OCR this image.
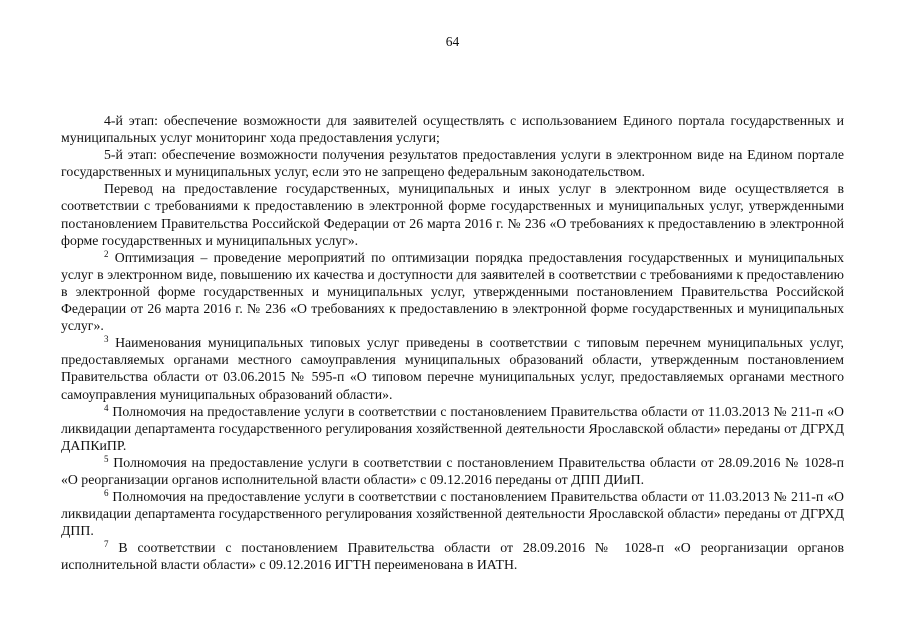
64

4-й этап: обеспечение возможности для заявителей осуществлять с использованием Единого портала государственных и муниципальных услуг мониторинг хода предоставления услуги;

5-й этап: обеспечение возможности получения результатов предоставления услуги в электронном виде на Едином портале государственных и муниципальных услуг, если это не запрещено федеральным законодательством.

Перевод на предоставление государственных, муниципальных и иных услуг в электронном виде осуществляется в соответствии с требованиями к предоставлению в электронной форме государственных и муниципальных услуг, утвержденными постановлением Правительства Российской Федерации от 26 марта 2016 г. № 236 «О требованиях к предоставлению в электронной форме государственных и муниципальных услуг».

$^2$ Оптимизация – проведение мероприятий по оптимизации порядка предоставления государственных и муниципальных услуг в электронном виде, повышению их качества и доступности для заявителей в соответствии с требованиями к предоставлению в электронной форме государственных и муниципальных услуг, утвержденными постановлением Правительства Российской Федерации от 26 марта 2016 г. № 236 «О требованиях к предоставлению в электронной форме государственных и муниципальных услуг».

$^3$ Наименования муниципальных типовых услуг приведены в соответствии с типовым перечнем муниципальных услуг, предоставляемых органами местного самоуправления муниципальных образований области, утвержденным постановлением Правительства области от 03.06.2015 № 595-п «О типовом перечне муниципальных услуг, предоставляемых органами местного самоуправления муниципальных образований области».

$^4$ Полномочия на предоставление услуги в соответствии с постановлением Правительства области от 11.03.2013 № 211-п «О ликвидации департамента государственного регулирования хозяйственной деятельности Ярославской области» переданы от ДГРХД ДАПКиПР.

$^5$ Полномочия на предоставление услуги в соответствии с постановлением Правительства области от 28.09.2016 № 1028-п «О реорганизации органов исполнительной власти области» с 09.12.2016 переданы от ДПП ДИиП.

$^6$ Полномочия на предоставление услуги в соответствии с постановлением Правительства области от 11.03.2013 № 211-п «О ликвидации департамента государственного регулирования хозяйственной деятельности Ярославской области» переданы от ДГРХД ДПП.

$^7$ В соответствии с постановлением Правительства области от 28.09.2016 № 1028-п «О реорганизации органов исполнительной власти области» с 09.12.2016 ИГТН переименована в ИАТН.
